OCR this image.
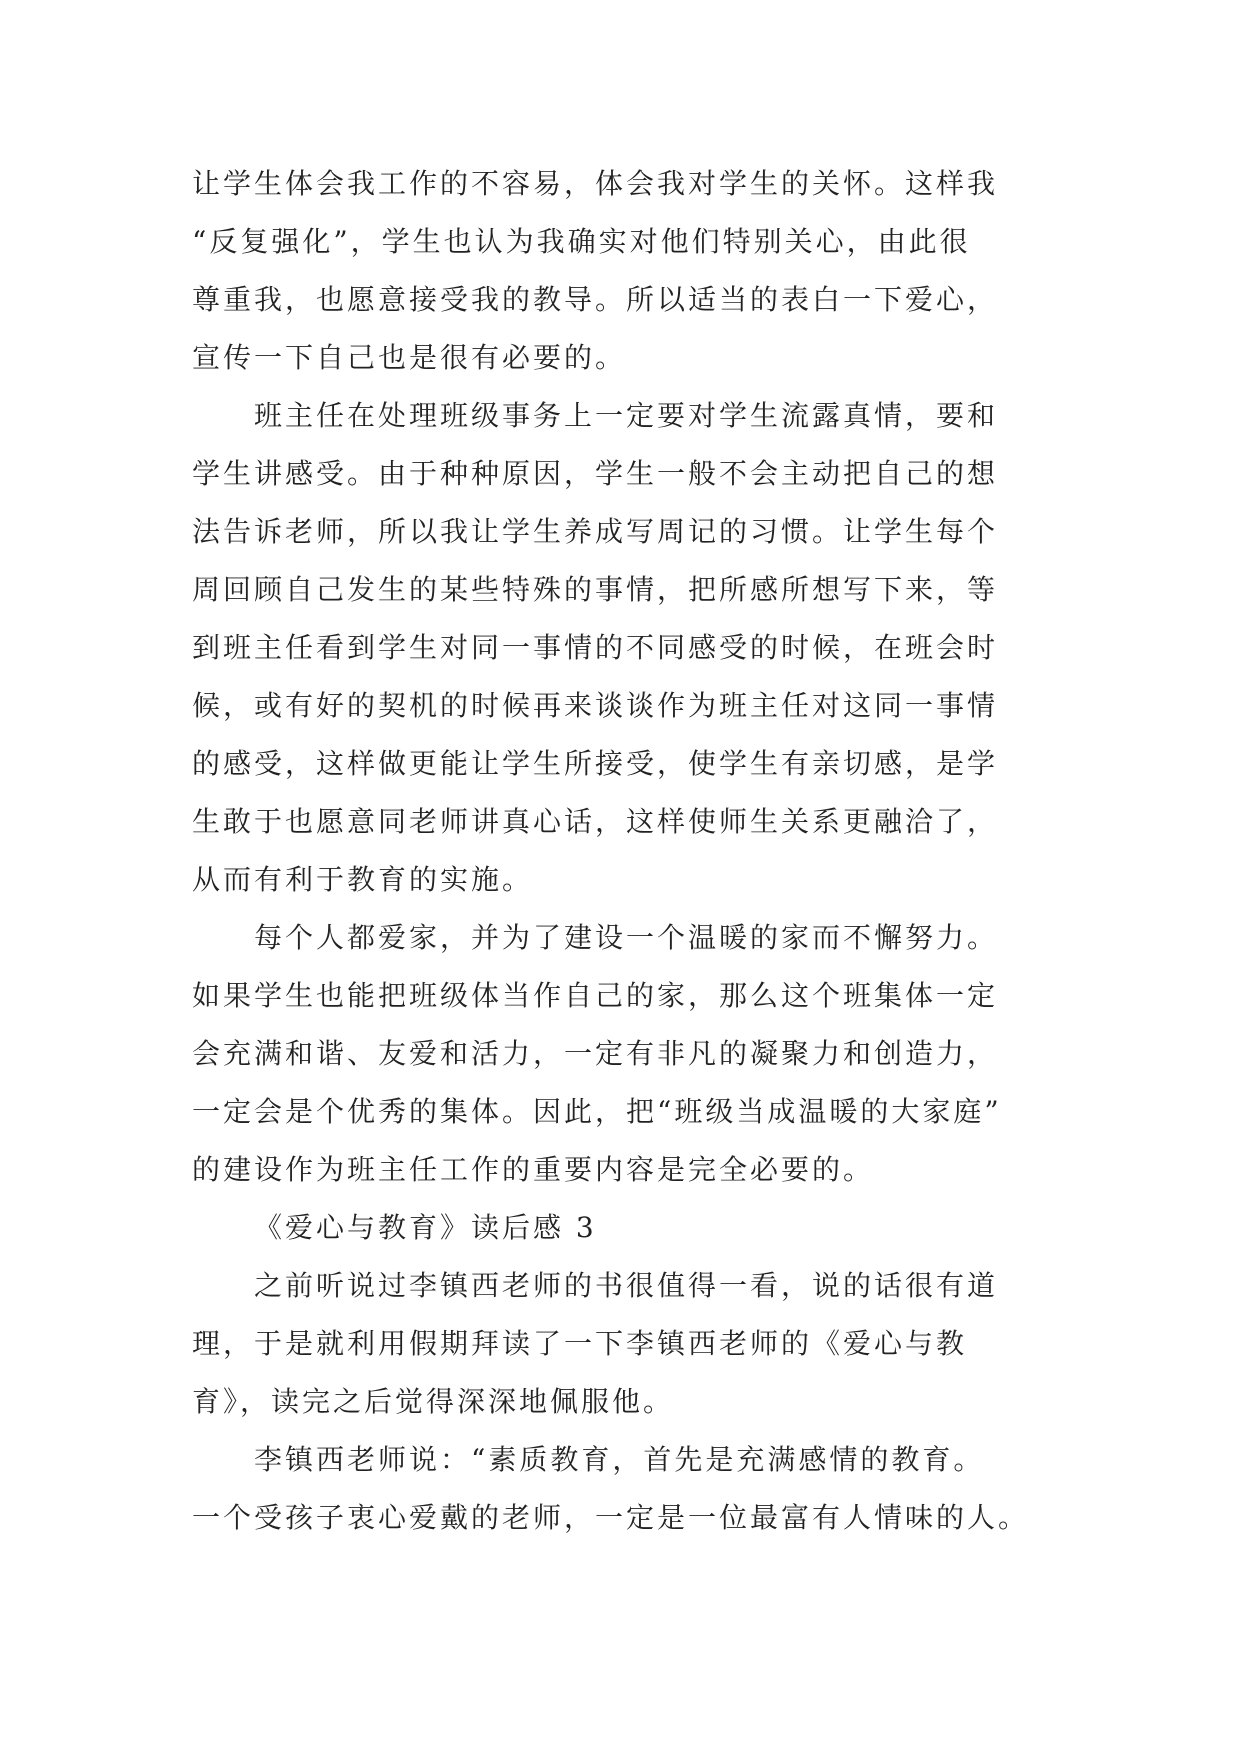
让学生体会我工作的不容易，体会我对学生的关怀。这样我
“反复强化”，学生也认为我确实对他们特别关心，由此很
尊重我，也愿意接受我的教导。所以适当的表白一下爱心，
宣传一下自己也是很有必要的。
班主任在处理班级事务上一定要对学生流露真情，要和
学生讲感受。由于种种原因，学生一般不会主动把自己的想
法告诉老师，所以我让学生养成写周记的习惯。让学生每个
周回顾自己发生的某些特殊的事情，把所感所想写下来，等
到班主任看到学生对同一事情的不同感受的时候，在班会时
候，或有好的契机的时候再来谈谈作为班主任对这同一事情
的感受，这样做更能让学生所接受，使学生有亲切感，是学
生敢于也愿意同老师讲真心话，这样使师生关系更融洽了，
从而有利于教育的实施。
每个人都爱家，并为了建设一个温暖的家而不懈努力。
如果学生也能把班级体当作自己的家，那么这个班集体一定
会充满和谐、友爱和活力，一定有非凡的凝聚力和创造力，
一定会是个优秀的集体。因此，把“班级当成温暖的大家庭”
的建设作为班主任工作的重要内容是完全必要的。
《爱心与教育》读后感 3
之前听说过李镇西老师的书很值得一看，说的话很有道
理，于是就利用假期拜读了一下李镇西老师的《爱心与教
育》，读完之后觉得深深地佩服他。
李镇西老师说：“素质教育，首先是充满感情的教育。
一个受孩子衷心爱戴的老师，一定是一位最富有人情味的人。
